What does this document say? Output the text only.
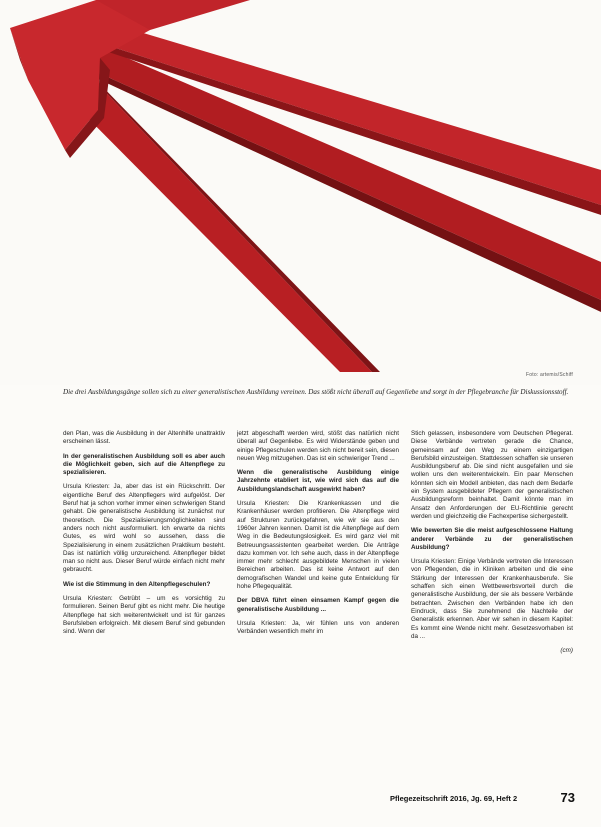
Foto: artemis/Schiff
Die drei Ausbildungsgänge sollen sich zu einer generalistischen Ausbildung vereinen. Das stößt nicht überall auf Gegenliebe und sorgt in der Pflegebranche für Diskussionsstoff.

den Plan, was die Ausbildung in der Altenhilfe unattraktiv erscheinen lässt.

In der generalistischen Ausbildung soll es aber auch die Möglichkeit geben, sich auf die Altenpflege zu spezialisieren.

Ursula Kriesten: Ja, aber das ist ein Rückschritt. Der eigentliche Beruf des Altenpflegers wird aufgelöst. Der Beruf hat ja schon vorher immer einen schwierigen Stand gehabt. Die generalistische Ausbildung ist zunächst nur theoretisch. Die Spezialisierungsmöglichkeiten sind anders noch nicht ausformuliert. Ich erwarte da nichts Gutes, es wird wohl so aussehen, dass die Spezialisierung in einem zusätzlichen Praktikum besteht. Das ist natürlich völlig unzureichend. Altenpfleger bildet man so nicht aus. Dieser Beruf würde einfach nicht mehr gebraucht.

Wie ist die Stimmung in den Altenpflegeschulen?

Ursula Kriesten: Getrübt – um es vorsichtig zu formulieren. Seinen Beruf gibt es nicht mehr. Die heutige Altenpflege hat sich weiterentwickelt und ist für ganzes Berufsleben erfolgreich. Mit diesem Beruf sind gebunden sind. Wenn der

jetzt abgeschafft werden wird, stößt das natürlich nicht überall auf Gegenliebe. Es wird Widerstände geben und einige Pflegeschulen werden sich nicht bereit sein, diesen neuen Weg mitzugehen. Das ist ein schwieriger Trend ...

Wenn die generalistische Ausbildung einige Jahrzehnte etabliert ist, wie wird sich das auf die Ausbildungslandschaft ausgewirkt haben?

Ursula Kriesten: Die Krankenkassen und die Krankenhäuser werden profitieren. Die Altenpflege wird auf Strukturen zurückgefahren, wie wir sie aus den 1960er Jahren kennen. Damit ist die Altenpflege auf dem Weg in die Bedeutungslosigkeit. Es wird ganz viel mit Betreuungsassistenten gearbeitet werden. Die Anträge dazu kommen vor. Ich sehe auch, dass in der Altenpflege immer mehr schlecht ausgebildete Menschen in vielen Bereichen arbeiten. Das ist keine Antwort auf den demografischen Wandel und keine gute Entwicklung für hohe Pflegequalität.

Der DBVA führt einen einsamen Kampf gegen die generalistische Ausbildung ...

Ursula Kriesten: Ja, wir fühlen uns von anderen Verbänden wesentlich mehr im

Stich gelassen, insbesondere vom Deutschen Pflegerat. Diese Verbände vertreten gerade die Chance, gemeinsam auf den Weg zu einem einzigartigen Berufsbild einzusteigen. Stattdessen schaffen sie unseren Ausbildungsberuf ab. Die sind nicht ausgefallen und sie wollen uns den weiterentwickeln. Ein paar Menschen könnten sich ein Modell anbieten, das nach dem Bedarfe ein System ausgebildeter Pflegern der generalistischen Ausbildungsreform beinhaltet. Damit könnte man im Ansatz den Anforderungen der EU-Richtlinie gerecht werden und gleichzeitig die Fachexpertise sichergestellt.

Wie bewerten Sie die meist aufgeschlossene Haltung anderer Verbände zu der generalistischen Ausbildung?

Ursula Kriesten: Einige Verbände vertreten die Interessen von Pflegenden, die in Kliniken arbeiten und die eine Stärkung der Interessen der Krankenhausberufe. Sie schaffen sich einen Wettbewerbsvorteil durch die generalistische Ausbildung, der sie als bessere Verbände betrachten. Zwischen den Verbänden habe ich den Eindruck, dass Sie zunehmend die Nachteile der Generalistik erkennen. Aber wir sehen in diesem Kapitel: Es kommt eine Wende nicht mehr. Gesetzesvorhaben ist da ...

(cm)
Pflegezeitschrift 2016, Jg. 69, Heft 2	73
